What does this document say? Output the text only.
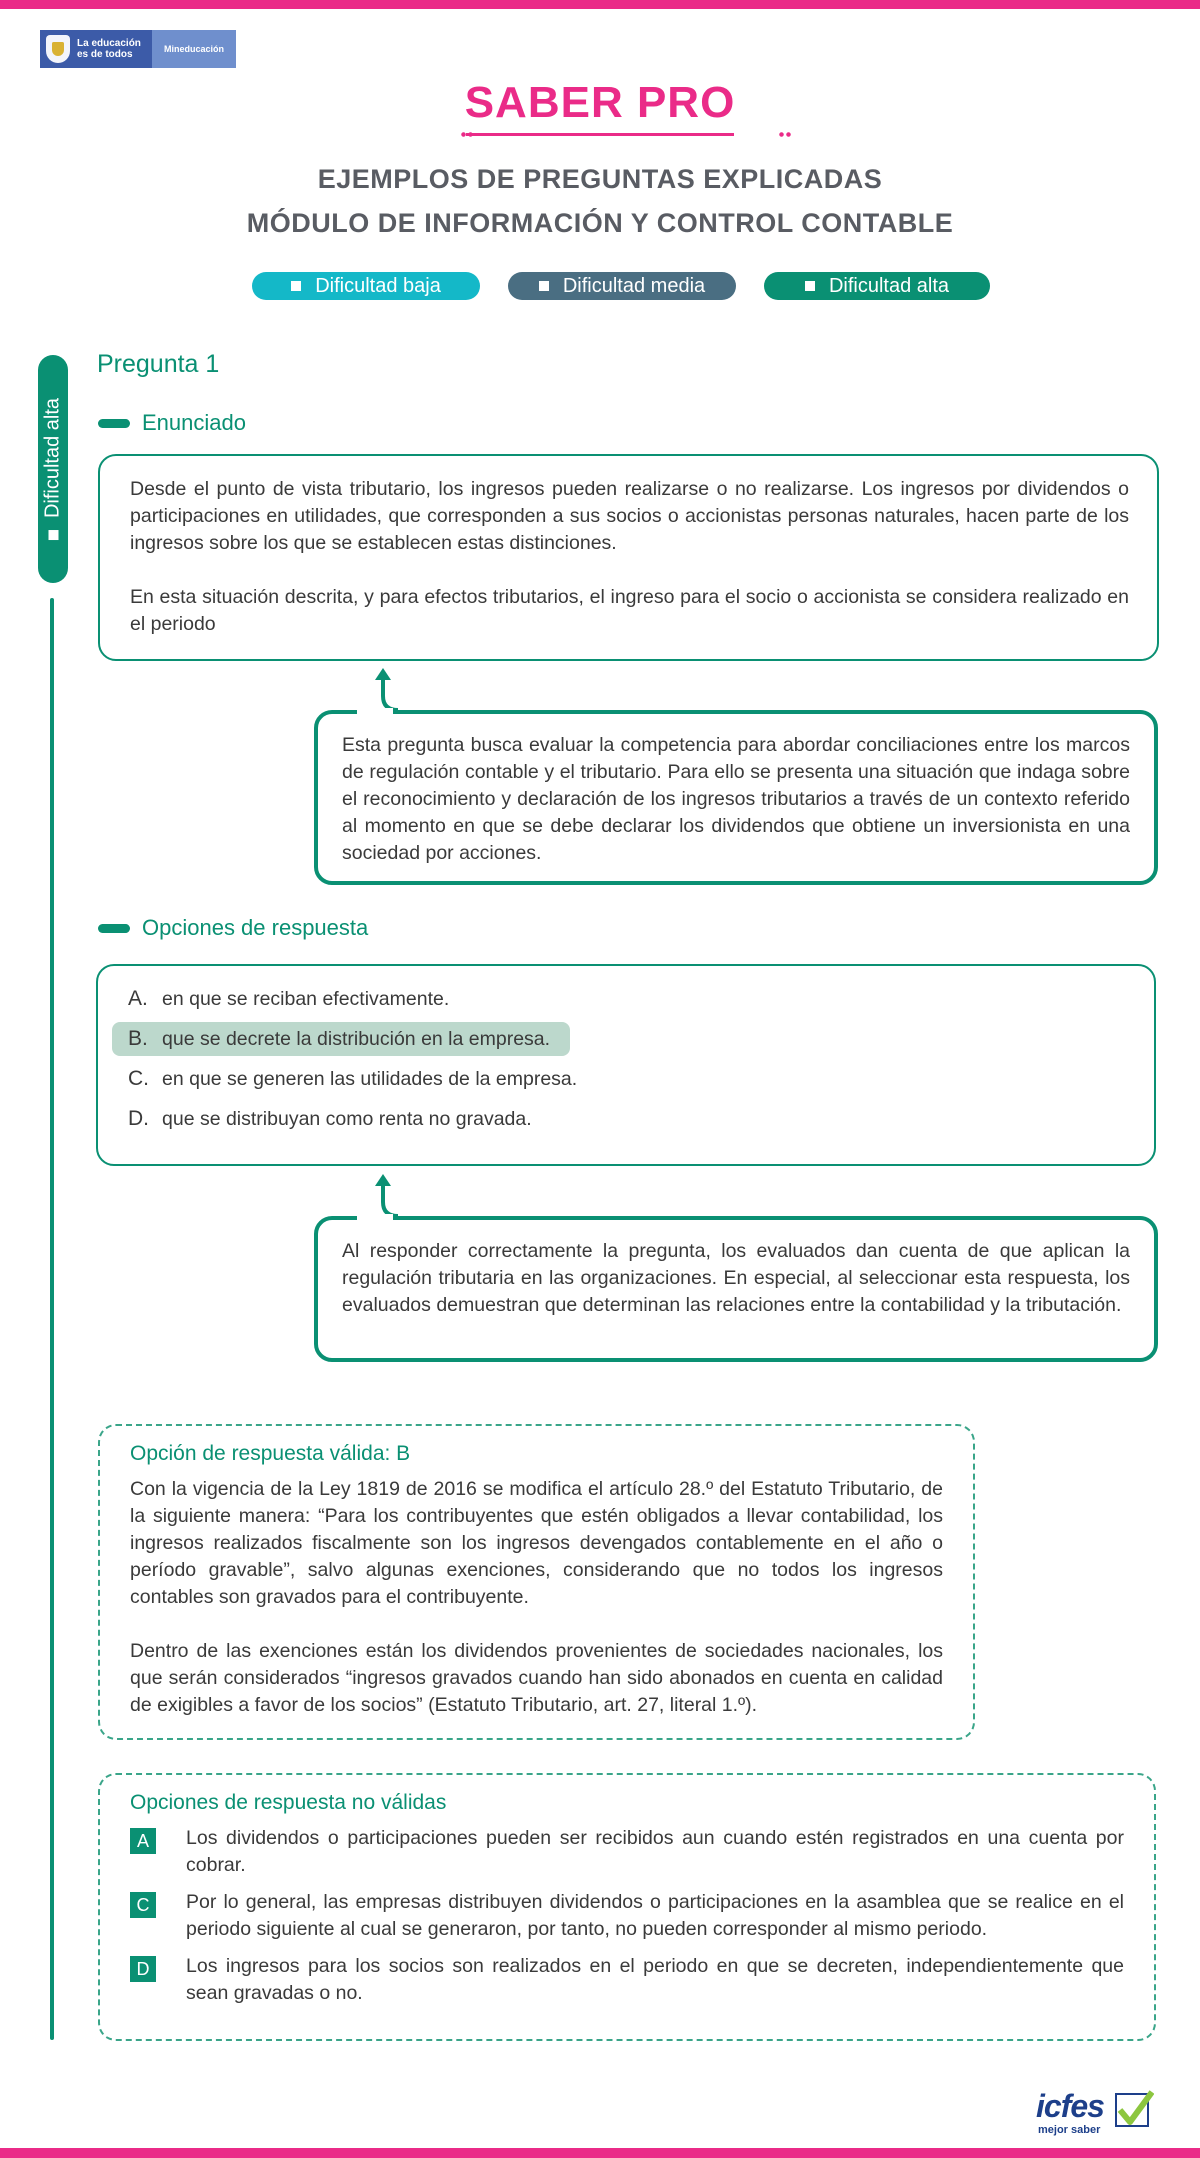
La educación
es de todos	Mineducación
SABER PRO
EJEMPLOS DE PREGUNTAS EXPLICADAS
MÓDULO DE INFORMACIÓN Y CONTROL CONTABLE
Dificultad baja	Dificultad media	Dificultad alta
Dificultad alta
Pregunta 1
Enunciado

Desde el punto de vista tributario, los ingresos pueden realizarse o no realizarse. Los ingresos por dividendos o participaciones en utilidades, que corresponden a sus socios o accionistas personas naturales, hacen parte de los ingresos sobre los que se establecen estas distinciones.

En esta situación descrita, y para efectos tributarios, el ingreso para el socio o accionista se considera realizado en el periodo

Esta pregunta busca evaluar la competencia para abordar conciliaciones entre los marcos de regulación contable y el tributario. Para ello se presenta una situación que indaga sobre el reconocimiento y declaración de los ingresos tributarios a través de un contexto referido al momento en que se debe declarar los dividendos que obtiene un inversionista en una sociedad por acciones.

Opciones de respuesta
A. en que se reciban efectivamente.
B. que se decrete la distribución en la empresa.
C. en que se generen las utilidades de la empresa.
D. que se distribuyan como renta no gravada.

Al responder correctamente la pregunta, los evaluados dan cuenta de que aplican la regulación tributaria en las organizaciones. En especial, al seleccionar esta respuesta, los evaluados demuestran que determinan las relaciones entre la contabilidad y la tributación.

Opción de respuesta válida: B

Con la vigencia de la Ley 1819 de 2016 se modifica el artículo 28.º del Estatuto Tributario, de la siguiente manera: “Para los contribuyentes que estén obligados a llevar contabilidad, los ingresos realizados fiscalmente son los ingresos devengados contablemente en el año o período gravable”, salvo algunas exenciones, considerando que no todos los ingresos contables son gravados para el contribuyente.

Dentro de las exenciones están los dividendos provenientes de sociedades nacionales, los que serán considerados “ingresos gravados cuando han sido abonados en cuenta en calidad de exigibles a favor de los socios” (Estatuto Tributario, art. 27, literal 1.º).

Opciones de respuesta no válidas
A	Los dividendos o participaciones pueden ser recibidos aun cuando estén registrados en una cuenta por cobrar.

C	Por lo general, las empresas distribuyen dividendos o participaciones en la asamblea que se realice en el periodo siguiente al cual se generaron, por tanto, no pueden corresponder al mismo periodo.

D	Los ingresos para los socios son realizados en el periodo en que se decreten, independientemente que sean gravadas o no.

icfes
mejor saber
